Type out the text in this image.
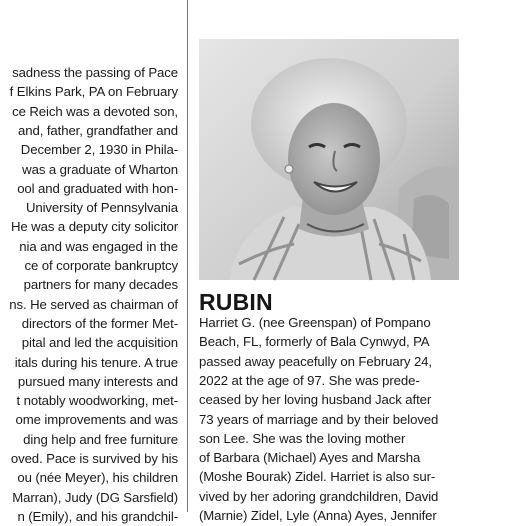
sadness the passing of Pace
f Elkins Park, PA on February
ce Reich was a devoted son,
and, father, grandfather and
December 2, 1930 in Phila-
was a graduate of Wharton
ool and graduated with hon-
University of Pennsylvania
He was a deputy city solicitor
nia and was engaged in the
ce of corporate bankruptcy
partners for many decades
ns. He served as chairman of
directors of the former Met-
pital and led the acquisition
itals during his tenure. A true
pursued many interests and
t notably woodworking, met-
ome improvements and was
ding help and free furniture
oved. Pace is survived by his
ou (née Meyer), his children
Marran), Judy (DG Sarsfield)
n (Emily), and his grandchil-
RUBIN
Harriet G. (nee Greenspan) of Pompano
Beach, FL, formerly of Bala Cynwyd, PA
passed away peacefully on February 24,
2022 at the age of 97. She was prede-
ceased by her loving husband Jack after
73 years of marriage and by their beloved
son Lee. She was the loving mother
of Barbara (Michael) Ayes and Marsha
(Moshe Bourak) Zidel. Harriet is also sur-
vived by her adoring grandchildren, David
(Marnie) Zidel, Lyle (Anna) Ayes, Jennifer
